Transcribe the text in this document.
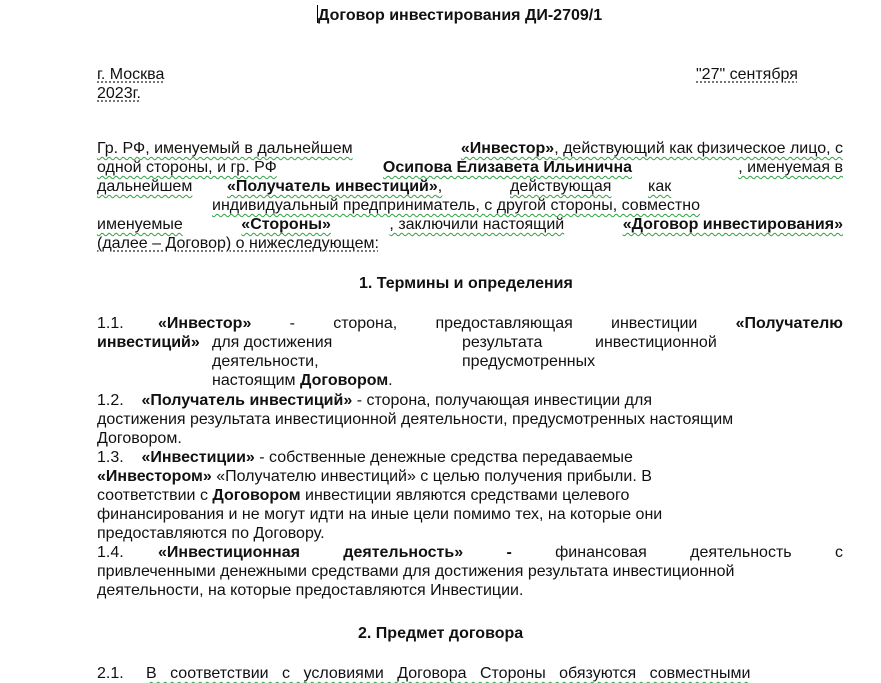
Договор инвестирования ДИ-2709/1
г. Москва	"27" сентября
2023г.
Гр. РФ, именуемый в дальнейшем	«Инвестор», действующий как физическое лицо, с
одной стороны, и гр. РФ	Осипова Елизавета Ильинична	, именуемая в
дальнейшем «Получатель инвестиций»,	действующая как
индивидуальный предприниматель, с другой стороны, совместно
именуемые	«Стороны»	, заключили настоящий	«Договор инвестирования»
(далее – Договор) о нижеследующем:
1. Термины и определения
1.1. «Инвестор» - сторона, предоставляющая инвестиции «Получателю
инвестиций» для достижения	результата	инвестиционной
деятельности,	предусмотренных
настоящим Договором.
1.2. «Получатель инвестиций» - сторона, получающая инвестиции для
достижения результата инвестиционной деятельности, предусмотренных настоящим
Договором.
1.3. «Инвестиции» - собственные денежные средства передаваемые
«Инвестором» «Получателю инвестиций» с целью получения прибыли. В
соответствии с Договором инвестиции являются средствами целевого
финансирования и не могут идти на иные цели помимо тех, на которые они
предоставляются по Договору.
1.4. «Инвестиционная	деятельность»	-	финансовая	деятельность	с
привлеченными денежными средствами для достижения результата инвестиционной
деятельности, на которые предоставляются Инвестиции.
2. Предмет договора
2.1. В соответствии с условиями Договора Стороны обязуются совместными
